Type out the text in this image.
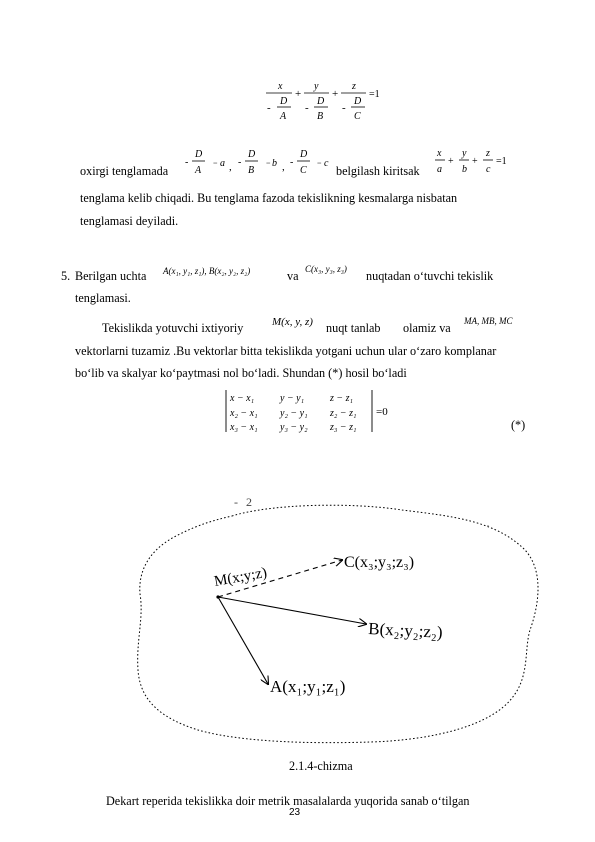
x
-
D
A
+
y
-
D
B
+
z
-
D
C
=1
oxirgi tenglamada
-
D
A
= a , -
D
B
= b , -
D
C
= c
belgilash kiritsak
x
a
+
y
b
+
z
c
=1
tenglama kelib chiqadi. Bu tenglama fazoda tekislikning kesmalarga nisbatan
tenglamasi deyiladi.
5. Berilgan uchta A(x₁, y₁, z₁), B(x₂, y₂, z₂)	va C(x₃, y₃, z₃) nuqtadan o‘tuvchi tekislik
tenglamasi.
Tekislikda yotuvchi ixtiyoriy	M(x, y, z) nuqt tanlab olamiz va MA, MB, MC
vektorlarni tuzamiz .Bu vektorlar bitta tekislikda yotgani uchun ular o‘zaro komplanar
bo‘lib va skalyar ko‘paytmasi nol bo‘ladi. Shundan (*) hosil bo‘ladi
x − x₁	y − y₁	z − z₁
x₂ − x₁ y₂ − y₁ z₂ − z₁
x₃ − x₁ y₃ − y₂ z₃ − z₁
=0
(*)
- 2
.
M(x;y;z)
C(x₃;y₃;z₃)
B(x₂;y₂;z₂)
A(x₁;y₁;z₁)
2.1.4-chizma
Dekart reperida tekislikka doir metrik masalalarda yuqorida sanab o‘tilgan
23
